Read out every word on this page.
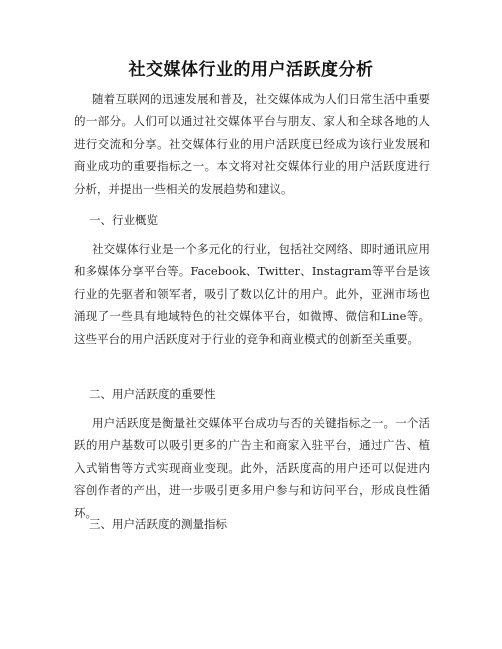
社交媒体行业的用户活跃度分析

随着互联网的迅速发展和普及，社交媒体成为人们日常生活中重要的一部分。人们可以通过社交媒体平台与朋友、家人和全球各地的人进行交流和分享。社交媒体行业的用户活跃度已经成为该行业发展和商业成功的重要指标之一。本文将对社交媒体行业的用户活跃度进行分析，并提出一些相关的发展趋势和建议。

一、行业概览

社交媒体行业是一个多元化的行业，包括社交网络、即时通讯应用和多媒体分享平台等。Facebook、Twitter、Instagram等平台是该行业的先驱者和领军者，吸引了数以亿计的用户。此外，亚洲市场也涌现了一些具有地域特色的社交媒体平台，如微博、微信和Line等。这些平台的用户活跃度对于行业的竞争和商业模式的创新至关重要。

二、用户活跃度的重要性

用户活跃度是衡量社交媒体平台成功与否的关键指标之一。一个活跃的用户基数可以吸引更多的广告主和商家入驻平台，通过广告、植入式销售等方式实现商业变现。此外，活跃度高的用户还可以促进内容创作者的产出，进一步吸引更多用户参与和访问平台，形成良性循环。

三、用户活跃度的测量指标
